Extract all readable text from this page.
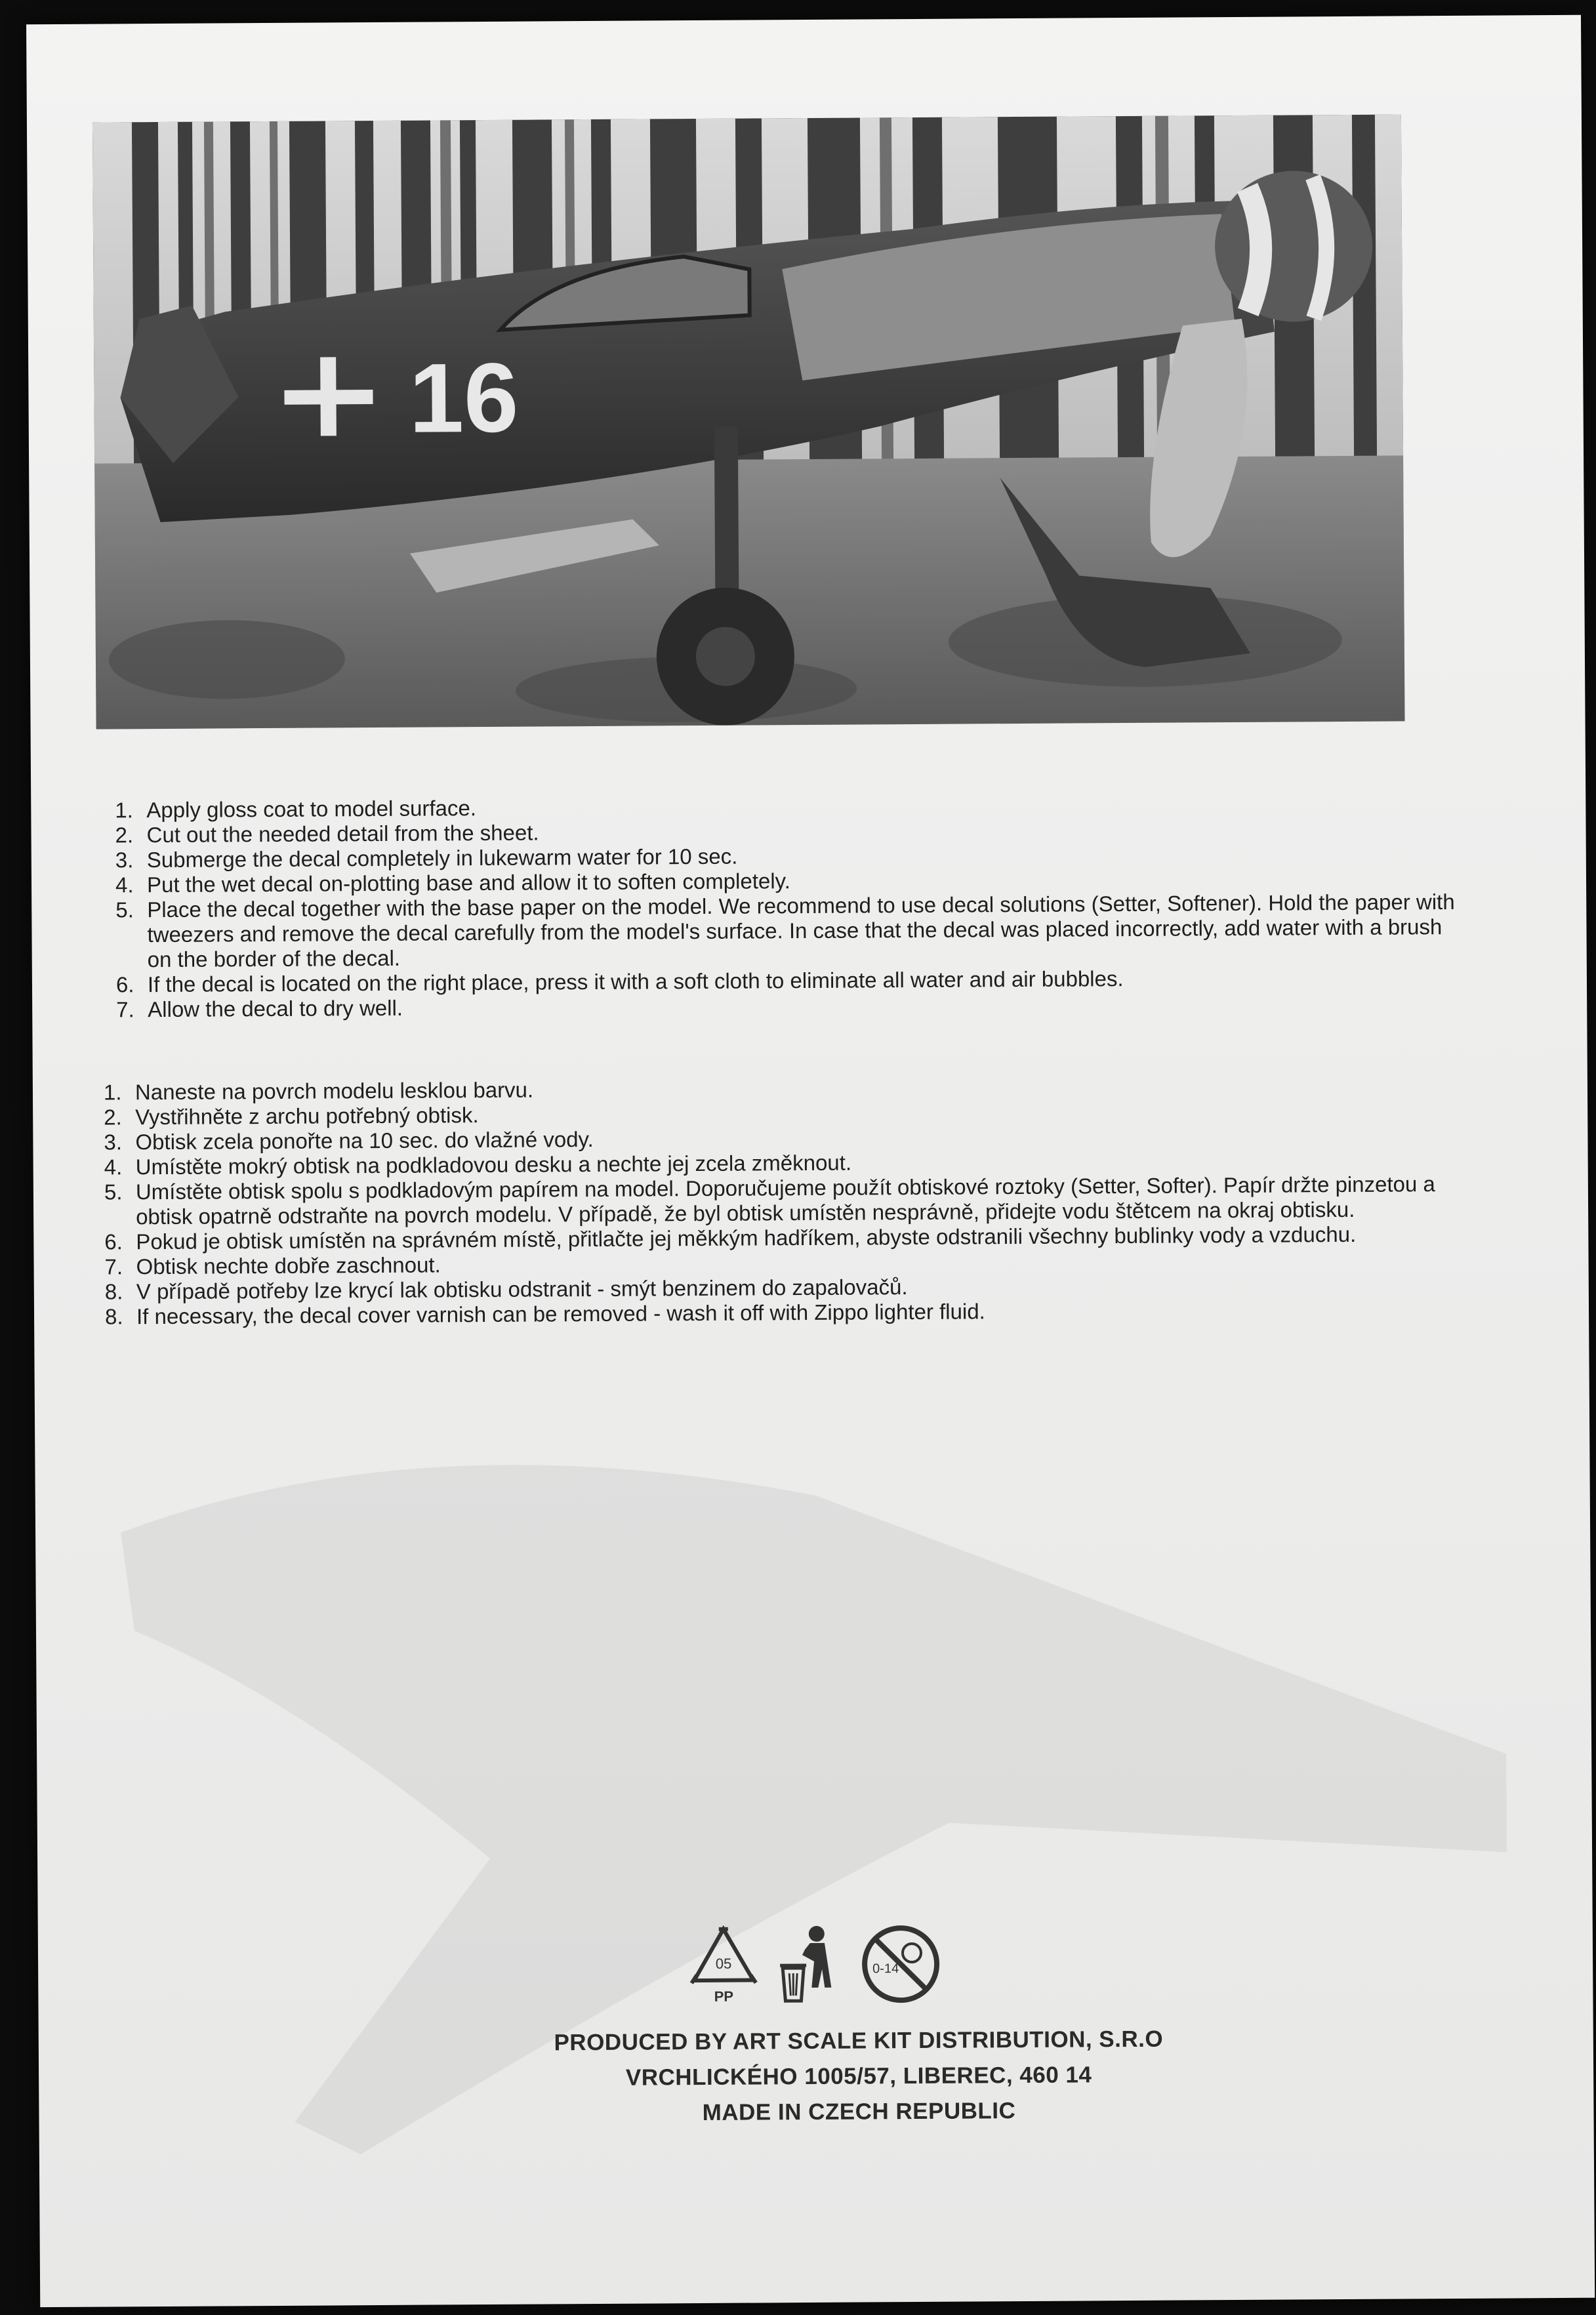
16
1. Apply gloss coat to model surface.
2. Cut out the needed detail from the sheet.
3. Submerge the decal completely in lukewarm water for 10 sec.
4. Put the wet decal on-plotting base and allow it to soften completely.
5. Place the decal together with the base paper on the model. We recommend to use decal solutions (Setter, Softener). Hold the paper with tweezers and remove the decal carefully from the model's surface. In case that the decal was placed incorrectly, add water with a brush on the border of the decal.
6. If the decal is located on the right place, press it with a soft cloth to eliminate all water and air bubbles.
7. Allow the decal to dry well.
1. Naneste na povrch modelu lesklou barvu.
2. Vystřihněte z archu potřebný obtisk.
3. Obtisk zcela ponořte na 10 sec. do vlažné vody.
4. Umístěte mokrý obtisk na podkladovou desku a nechte jej zcela změknout.
5. Umístěte obtisk spolu s podkladovým papírem na model. Doporučujeme použít obtiskové roztoky (Setter, Softer). Papír držte pinzetou a obtisk opatrně odstraňte na povrch modelu. V případě, že byl obtisk umístěn nesprávně, přidejte vodu štětcem na okraj obtisku.
6. Pokud je obtisk umístěn na správném místě, přitlačte jej měkkým hadříkem, abyste odstranili všechny bublinky vody a vzduchu.
7. Obtisk nechte dobře zaschnout.
8. V případě potřeby lze krycí lak obtisku odstranit - smýt benzinem do zapalovačů.
8. If necessary, the decal cover varnish can be removed - wash it off with Zippo lighter fluid.
05
PP
0-14
PRODUCED BY ART SCALE KIT DISTRIBUTION, S.R.O
VRCHLICKÉHO 1005/57, LIBEREC, 460 14
MADE IN CZECH REPUBLIC
